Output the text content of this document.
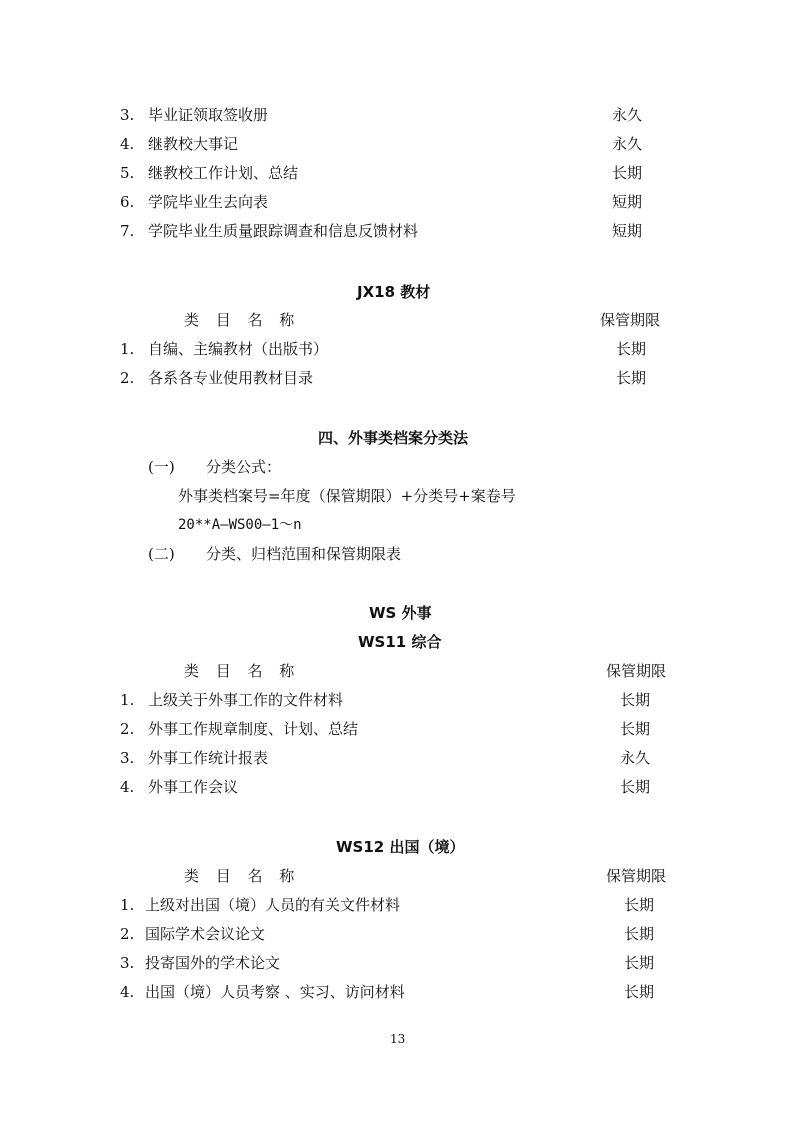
3. 毕业证领取签收册	永久
4. 继教校大事记	永久
5. 继教校工作计划、总结	长期
6. 学院毕业生去向表	短期
7. 学院毕业生质量跟踪调查和信息反馈材料	短期
JX18 教材
类 目 名 称	保管期限
1. 自编、主编教材（出版书）	长期
2. 各系各专业使用教材目录	长期
四、外事类档案分类法
(一) 分类公式：
外事类档案号=年度（保管期限）+分类号+案卷号
20**A—WS00—1～n
(二) 分类、归档范围和保管期限表
WS 外事
WS11 综合
类 目 名 称	保管期限
1. 上级关于外事工作的文件材料	长期
2. 外事工作规章制度、计划、总结	长期
3. 外事工作统计报表	永久
4. 外事工作会议	长期
WS12 出国（境）
类 目 名 称	保管期限
1. 上级对出国（境）人员的有关文件材料	长期
2. 国际学术会议论文	长期
3. 投寄国外的学术论文	长期
4. 出国（境）人员考察 、实习、访问材料	长期
13
